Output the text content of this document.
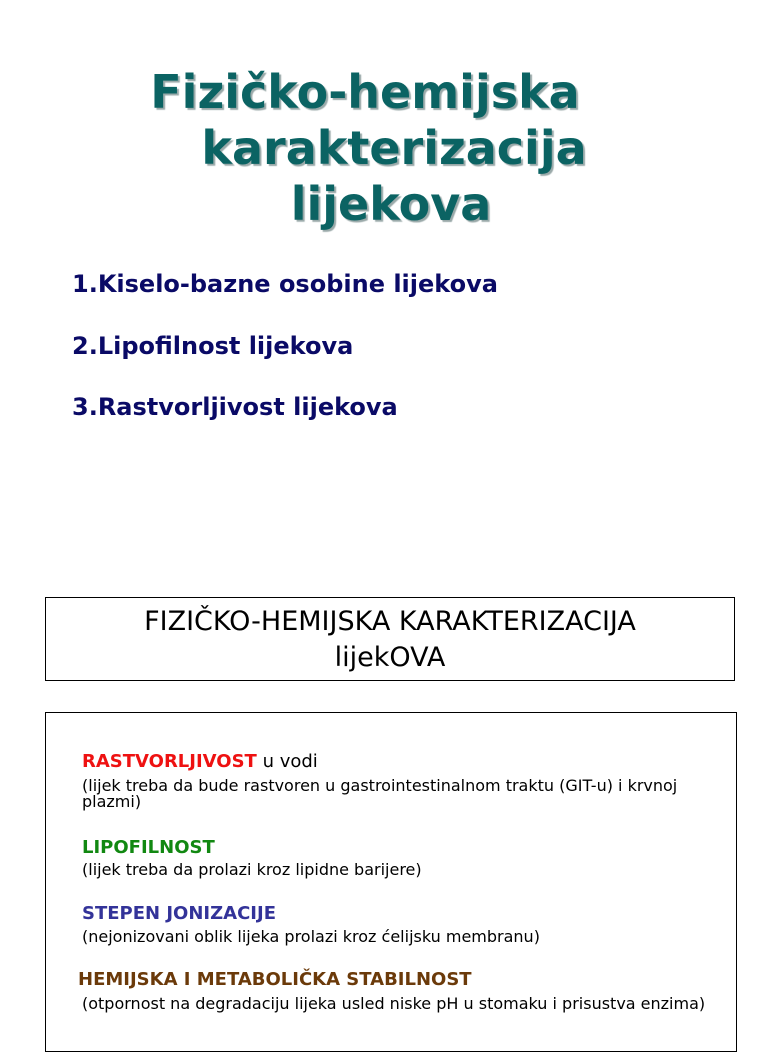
Fizičko-hemijska
karakterizacija
lijekova
1.Kiselo-bazne osobine lijekova
2.Lipofilnost lijekova
3.Rastvorljivost lijekova
FIZIČKO-HEMIJSKA KARAKTERIZACIJA
lijekOVA
RASTVORLJIVOST u vodi
(lijek treba da bude rastvoren u gastrointestinalnom traktu (GIT-u) i krvnoj plazmi)
LIPOFILNOST
(lijek treba da prolazi kroz lipidne barijere)
STEPEN JONIZACIJE
(nejonizovani oblik lijeka prolazi kroz ćelijsku membranu)
HEMIJSKA I METABOLIČKA STABILNOST
(otpornost na degradaciju lijeka usled niske pH u stomaku i prisustva enzima)
